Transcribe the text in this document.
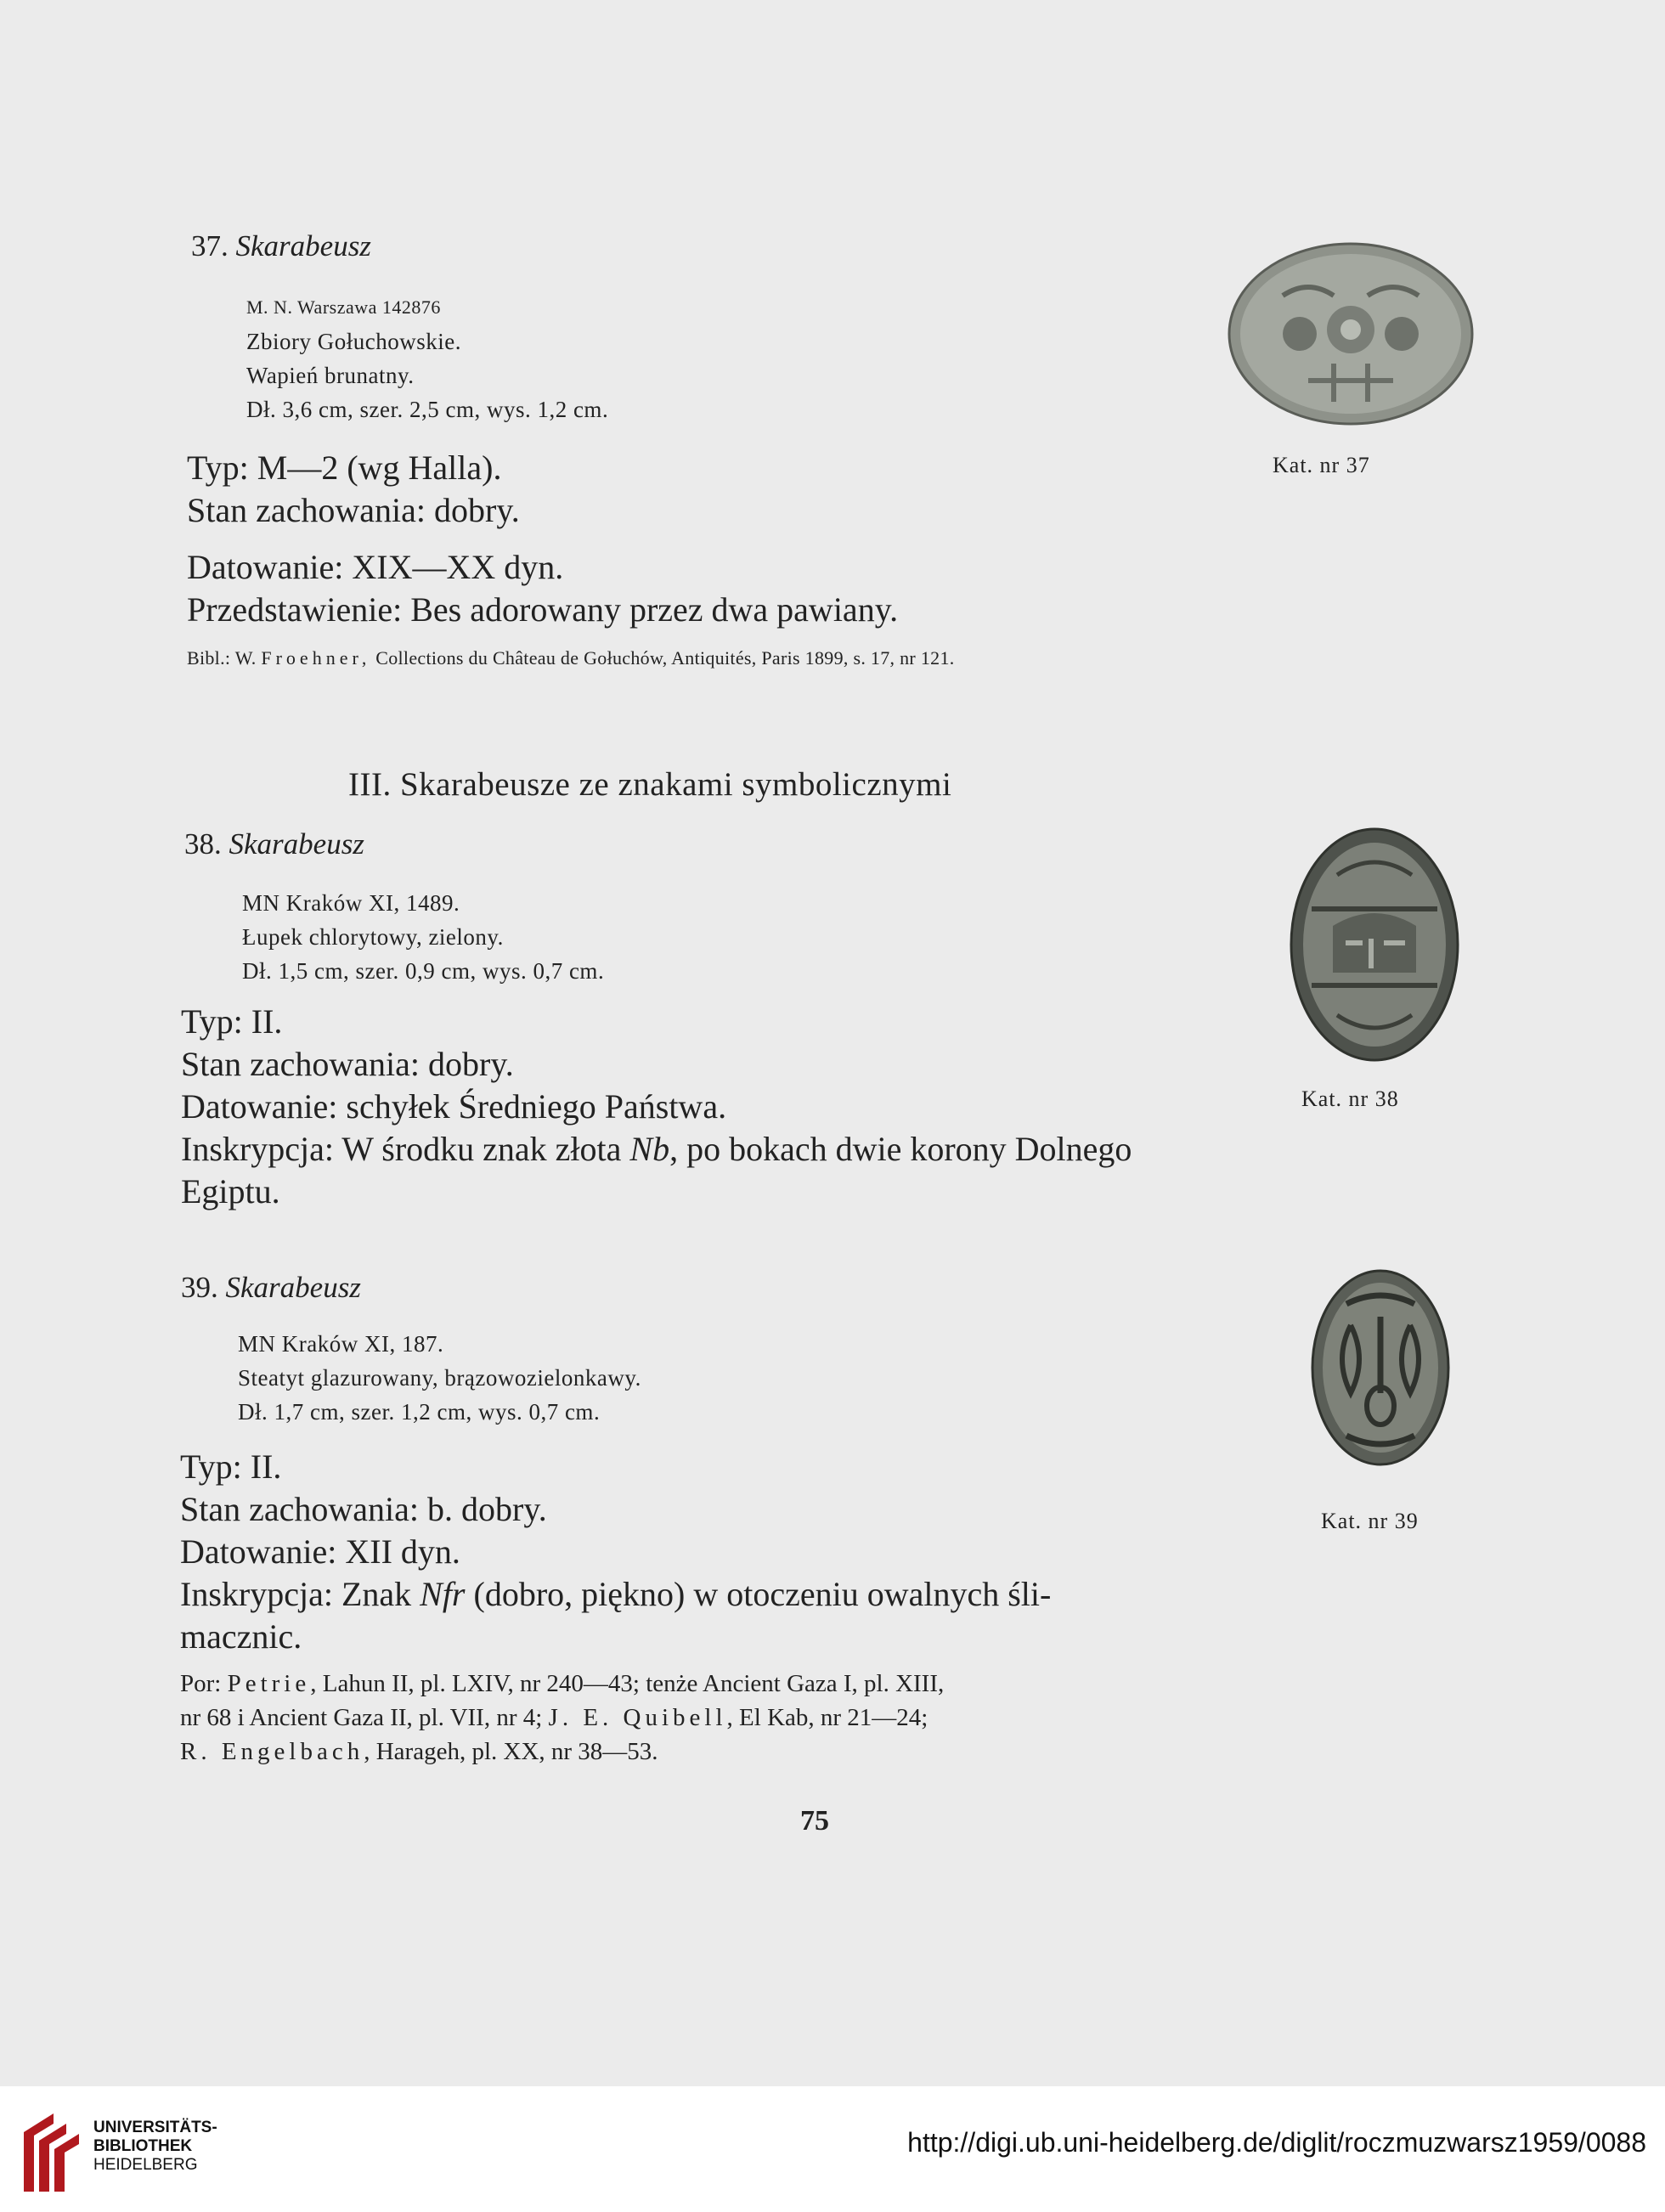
37. Skarabeusz
M. N. Warszawa 142876
Zbiory Gołuchowskie.
Wapień brunatny.
Dł. 3,6 cm, szer. 2,5 cm, wys. 1,2 cm.
Typ: M—2 (wg Halla).
Stan zachowania: dobry.
Datowanie: XIX—XX dyn.
Przedstawienie: Bes adorowany przez dwa pawiany.
Bibl.: W. Froehner, Collections du Château de Gołuchów, Antiquités, Paris 1899, s. 17, nr 121.
Kat. nr 37
III. Skarabeusze ze znakami symbolicznymi
38. Skarabeusz
MN Kraków XI, 1489.
Łupek chlorytowy, zielony.
Dł. 1,5 cm, szer. 0,9 cm, wys. 0,7 cm.
Typ: II.
Stan zachowania: dobry.
Datowanie: schyłek Średniego Państwa.
Inskrypcja: W środku znak złota Nb, po bokach dwie korony Dolnego
Egiptu.
Kat. nr 38
39. Skarabeusz
MN Kraków XI, 187.
Steatyt glazurowany, brązowozielonkawy.
Dł. 1,7 cm, szer. 1,2 cm, wys. 0,7 cm.
Typ: II.
Stan zachowania: b. dobry.
Datowanie: XII dyn.
Inskrypcja: Znak Nfr (dobro, piękno) w otoczeniu owalnych śli-
macznic.
Kat. nr 39
Por: Petrie, Lahun II, pl. LXIV, nr 240—43; tenże Ancient Gaza I, pl. XIII,
nr 68 i Ancient Gaza II, pl. VII, nr 4; J. E. Quibell, El Kab, nr 21—24;
R. Engelbach, Harageh, pl. XX, nr 38—53.
75
UNIVERSITÄTS-
BIBLIOTHEK
HEIDELBERG
http://digi.ub.uni-heidelberg.de/diglit/roczmuzwarsz1959/0088
